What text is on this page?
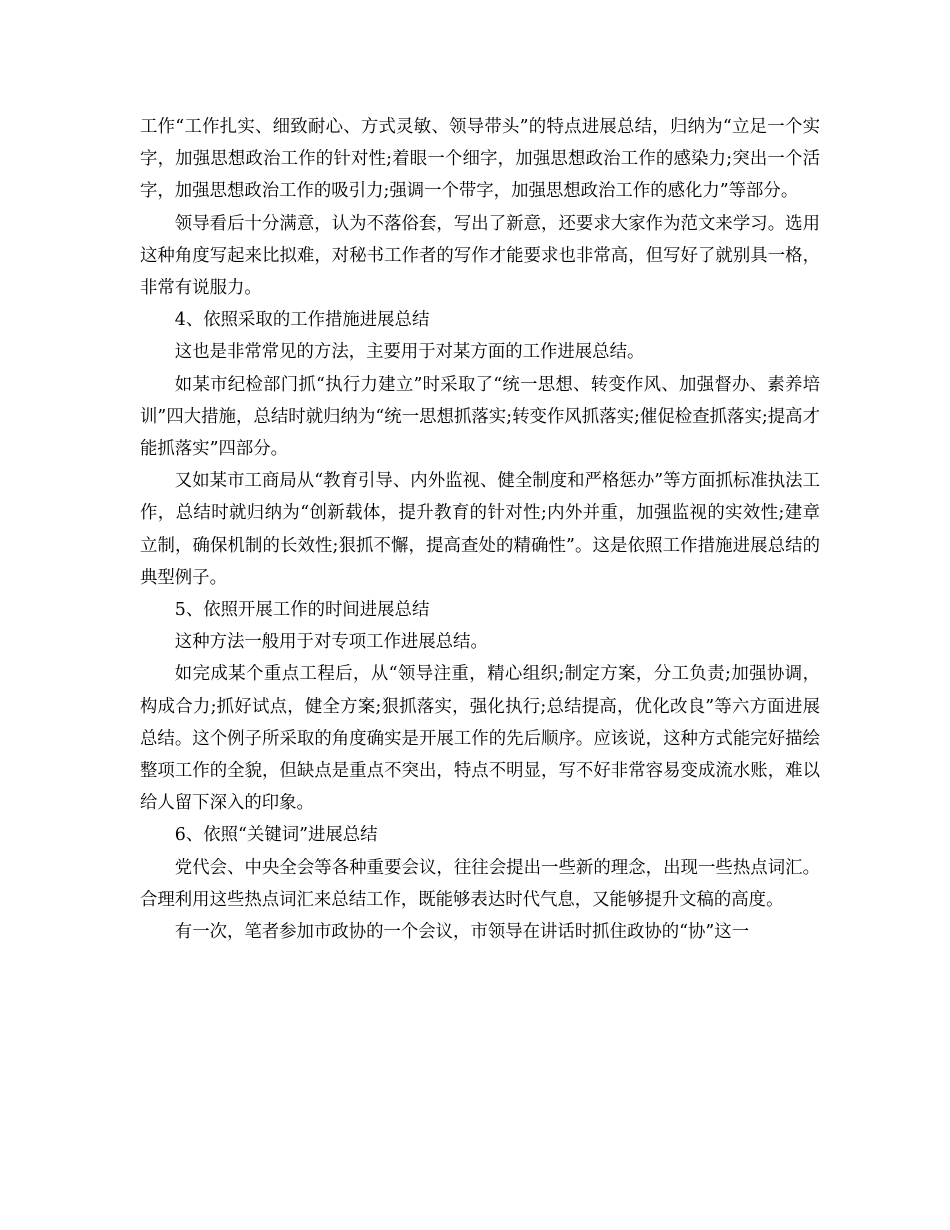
工作“工作扎实、细致耐心、方式灵敏、领导带头”的特点进展总结，归纳为“立足一个实字，加强思想政治工作的针对性;着眼一个细字，加强思想政治工作的感染力;突出一个活字，加强思想政治工作的吸引力;强调一个带字，加强思想政治工作的感化力”等部分。

领导看后十分满意，认为不落俗套，写出了新意，还要求大家作为范文来学习。选用这种角度写起来比拟难，对秘书工作者的写作才能要求也非常高，但写好了就别具一格，非常有说服力。

4、依照采取的工作措施进展总结

这也是非常常见的方法，主要用于对某方面的工作进展总结。

如某市纪检部门抓“执行力建立”时采取了“统一思想、转变作风、加强督办、素养培训”四大措施，总结时就归纳为“统一思想抓落实;转变作风抓落实;催促检查抓落实;提高才能抓落实”四部分。

又如某市工商局从“教育引导、内外监视、健全制度和严格惩办”等方面抓标准执法工作，总结时就归纳为“创新载体，提升教育的针对性;内外并重，加强监视的实效性;建章立制，确保机制的长效性;狠抓不懈，提高查处的精确性”。这是依照工作措施进展总结的典型例子。

5、依照开展工作的时间进展总结

这种方法一般用于对专项工作进展总结。

如完成某个重点工程后，从“领导注重，精心组织;制定方案，分工负责;加强协调，构成合力;抓好试点，健全方案;狠抓落实，强化执行;总结提高，优化改良”等六方面进展总结。这个例子所采取的角度确实是开展工作的先后顺序。应该说，这种方式能完好描绘整项工作的全貌，但缺点是重点不突出，特点不明显，写不好非常容易变成流水账，难以给人留下深入的印象。

6、依照“关键词”进展总结

党代会、中央全会等各种重要会议，往往会提出一些新的理念，出现一些热点词汇。合理利用这些热点词汇来总结工作，既能够表达时代气息，又能够提升文稿的高度。

有一次，笔者参加市政协的一个会议，市领导在讲话时抓住政协的“协”这一
